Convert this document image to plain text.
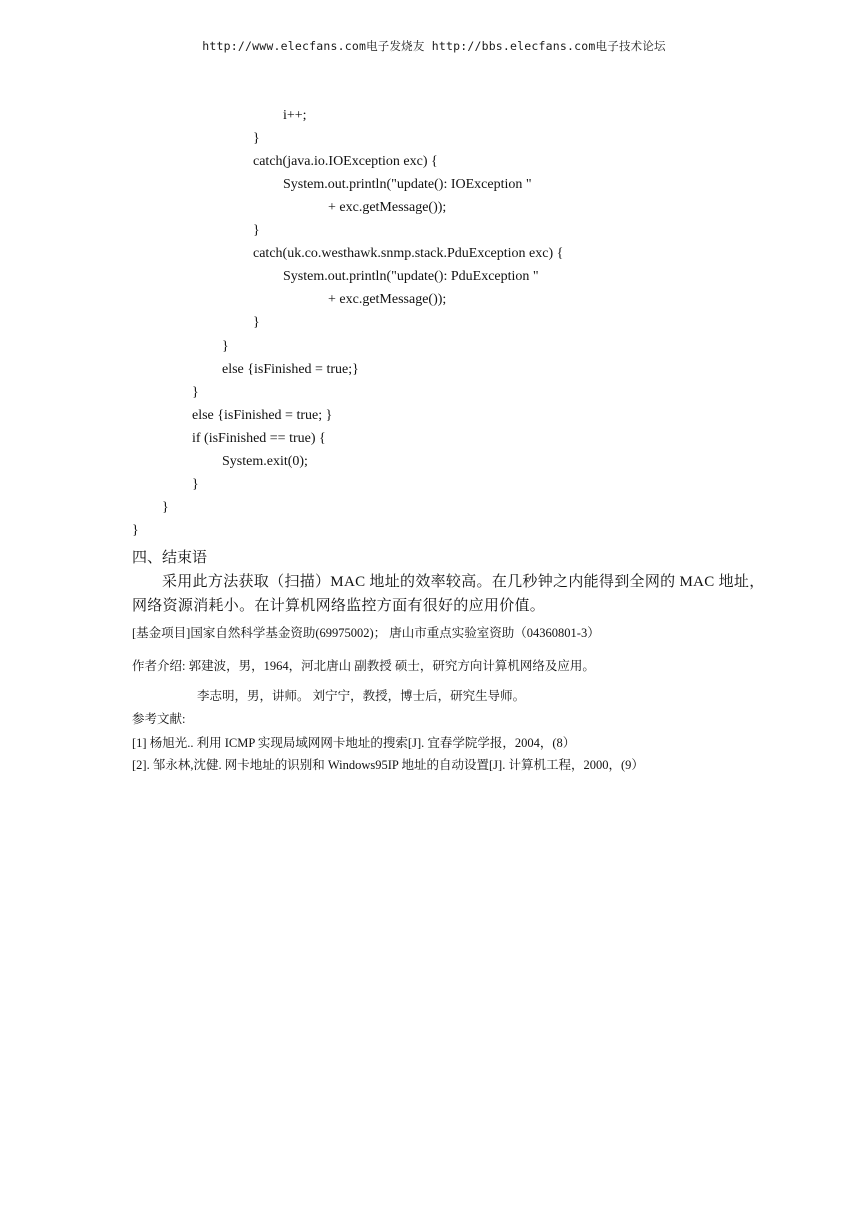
http://www.elecfans.com电子发烧友 http://bbs.elecfans.com电子技术论坛
i++;
}
catch(java.io.IOException exc) {
System.out.println("update(): IOException "
+ exc.getMessage());
}
catch(uk.co.westhawk.snmp.stack.PduException exc) {
System.out.println("update(): PduException "
+ exc.getMessage());
}
}
else {isFinished = true;}
}
else {isFinished = true; }
if (isFinished == true) {
System.exit(0);
}
}
}
四、结束语
采用此方法获取（扫描）MAC 地址的效率较高。在几秒钟之内能得到全网的 MAC 地址，
网络资源消耗小。在计算机网络监控方面有很好的应用价值。
[基金项目]国家自然科学基金资助(69975002)； 唐山市重点实验室资助（04360801-3）
作者介绍: 郭建波，男，1964，河北唐山 副教授 硕士，研究方向计算机网络及应用。
李志明，男，讲师。 刘宁宁，教授，博士后，研究生导师。
参考文献:
[1] 杨旭光.. 利用 ICMP 实现局域网网卡地址的搜索[J]. 宜春学院学报，2004，(8）
[2]. 邹永林,沈健. 网卡地址的识别和 Windows95IP 地址的自动设置[J]. 计算机工程，2000，(9）
